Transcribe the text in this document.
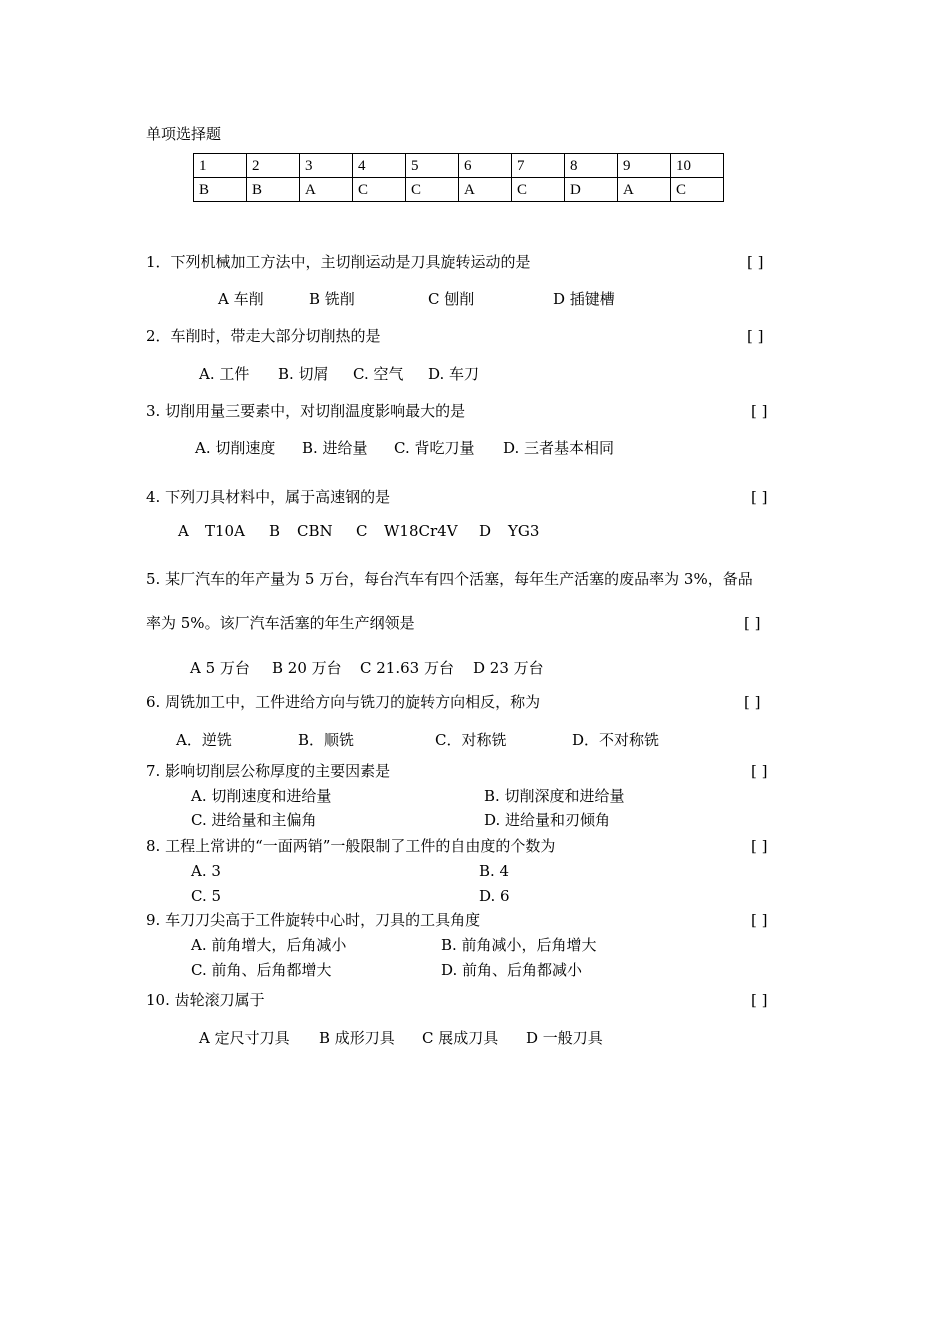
单项选择题
1	2	3	4	5	6	7	8	9	10
B	B	A	C	C	A	C	D	A	C
1．下列机械加工方法中，主切削运动是刀具旋转运动的是	[ ]
A 车削	B 铣削	C 刨削	D 插键槽
2．车削时，带走大部分切削热的是	[ ]
A. 工件 B. 切屑 C. 空气 D. 车刀
3. 切削用量三要素中，对切削温度影响最大的是	[ ]
A. 切削速度 B. 进给量 C. 背吃刀量 D. 三者基本相同
4. 下列刀具材料中，属于高速钢的是	[ ]
A T10A B CBN C W18Cr4V D YG3
5. 某厂汽车的年产量为 5 万台，每台汽车有四个活塞，每年生产活塞的废品率为 3%，备品
率为 5%。该厂汽车活塞的年生产纲领是	[ ]
A 5 万台 B 20 万台 C 21.63 万台 D 23 万台
6. 周铣加工中，工件进给方向与铣刀的旋转方向相反，称为	[ ]
A．逆铣	B．顺铣	C．对称铣	D．不对称铣
7. 影响切削层公称厚度的主要因素是	[ ]
A. 切削速度和进给量	B. 切削深度和进给量
C. 进给量和主偏角	D. 进给量和刃倾角
8. 工程上常讲的“一面两销”一般限制了工件的自由度的个数为	[ ]
A. 3	B. 4
C. 5	D. 6
9. 车刀刀尖高于工件旋转中心时，刀具的工具角度	[ ]
A. 前角增大，后角减小	B. 前角减小，后角增大
C. 前角、后角都增大	D. 前角、后角都减小
10. 齿轮滚刀属于	[ ]
A 定尺寸刀具 B 成形刀具 C 展成刀具 D 一般刀具
